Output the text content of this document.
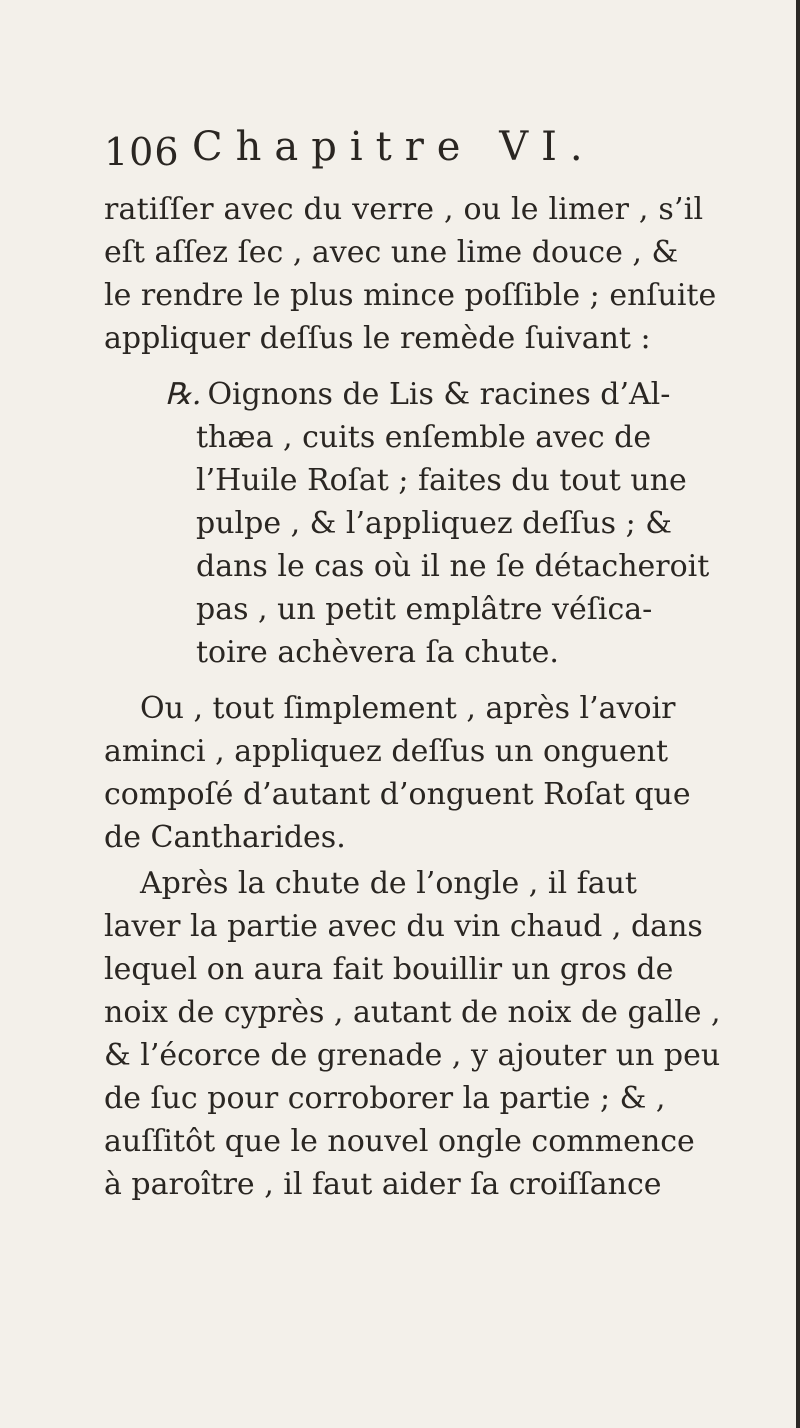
106 Chapitre VI.
ratiſſer avec du verre , ou le limer , s’il
eſt aſſez ſec , avec une lime douce , &
le rendre le plus mince poſſible ; enſuite
appliquer deſſus le remède ſuivant :
℞. Oignons de Lis & racines d’Al-
thæa , cuits enſemble avec de
l’Huile Roſat ; faites du tout une
pulpe , & l’appliquez deſſus ; &
dans le cas où il ne ſe détacheroit
pas , un petit emplâtre véſica-
toire achèvera ſa chute.
Ou , tout ſimplement , après l’avoir
aminci , appliquez deſſus un onguent
compoſé d’autant d’onguent Roſat que
de Cantharides.
Après la chute de l’ongle , il faut
laver la partie avec du vin chaud , dans
lequel on aura fait bouillir un gros de
noix de cyprès , autant de noix de galle ,
& l’écorce de grenade , y ajouter un peu
de ſuc pour corroborer la partie ; & ,
auſſitôt que le nouvel ongle commence
à paroître , il faut aider ſa croiſſance
